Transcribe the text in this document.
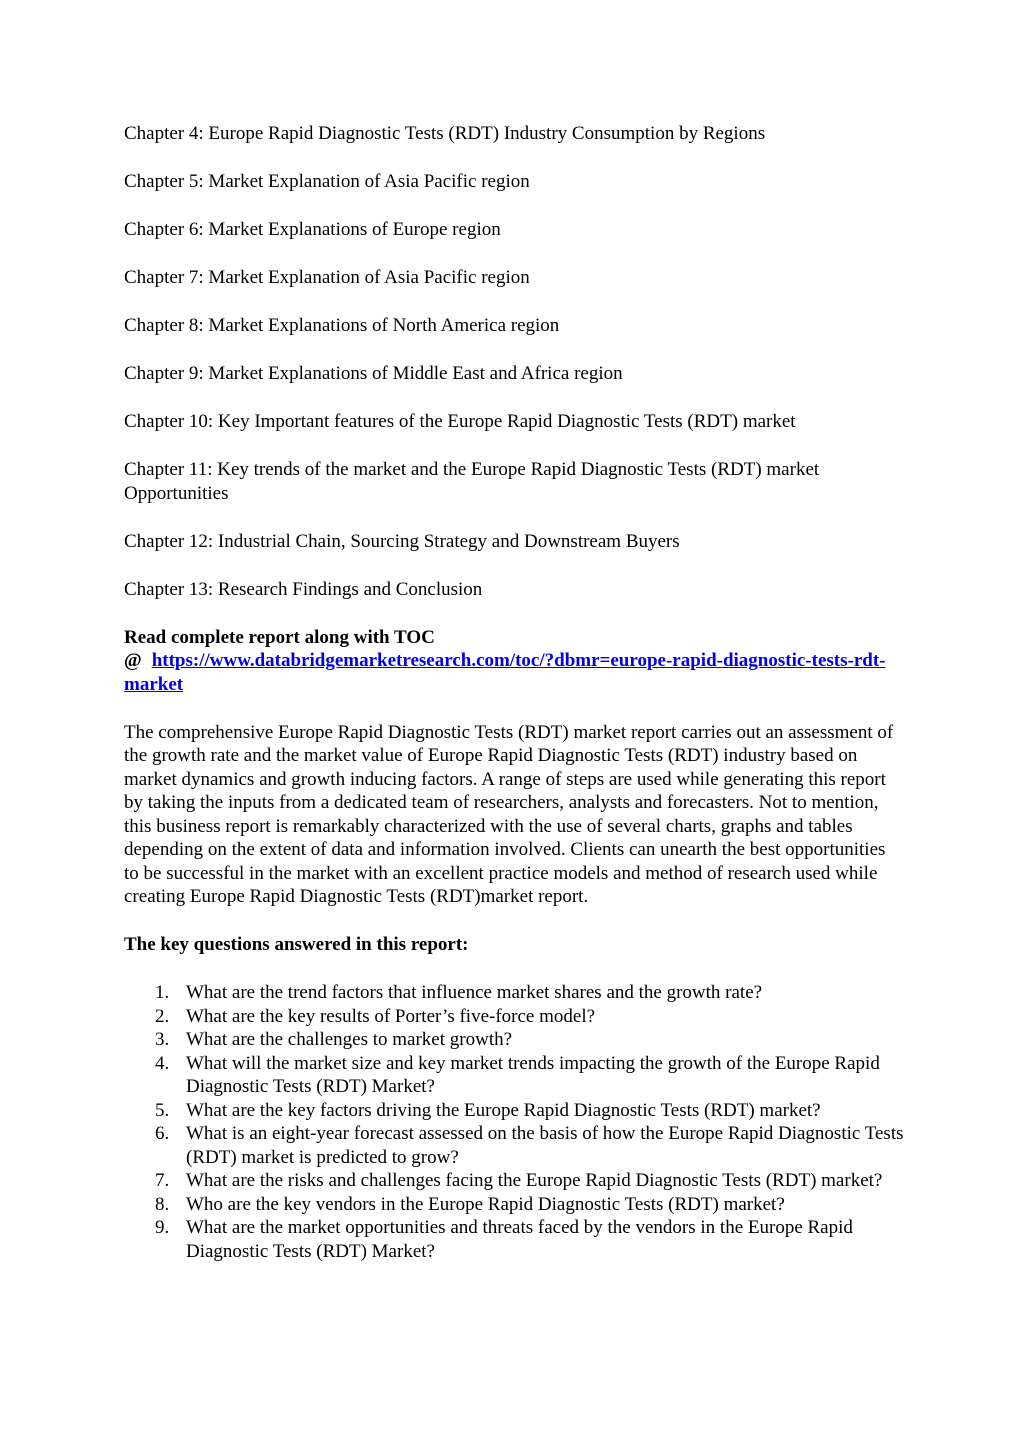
Chapter 4: Europe Rapid Diagnostic Tests (RDT) Industry Consumption by Regions

Chapter 5: Market Explanation of Asia Pacific region

Chapter 6: Market Explanations of Europe region

Chapter 7: Market Explanation of Asia Pacific region

Chapter 8: Market Explanations of North America region

Chapter 9: Market Explanations of Middle East and Africa region

Chapter 10: Key Important features of the Europe Rapid Diagnostic Tests (RDT) market

Chapter 11: Key trends of the market and the Europe Rapid Diagnostic Tests (RDT) market Opportunities

Chapter 12: Industrial Chain, Sourcing Strategy and Downstream Buyers

Chapter 13: Research Findings and Conclusion

Read complete report along with TOC

@ https://www.databridgemarketresearch.com/toc/?dbmr=europe-rapid-diagnostic-tests-rdt-market

The comprehensive Europe Rapid Diagnostic Tests (RDT) market report carries out an assessment of the growth rate and the market value of Europe Rapid Diagnostic Tests (RDT) industry based on market dynamics and growth inducing factors. A range of steps are used while generating this report by taking the inputs from a dedicated team of researchers, analysts and forecasters. Not to mention, this business report is remarkably characterized with the use of several charts, graphs and tables depending on the extent of data and information involved. Clients can unearth the best opportunities to be successful in the market with an excellent practice models and method of research used while creating Europe Rapid Diagnostic Tests (RDT)market report.

The key questions answered in this report:

1. What are the trend factors that influence market shares and the growth rate?
2. What are the key results of Porter’s five-force model?
3. What are the challenges to market growth?
4. What will the market size and key market trends impacting the growth of the Europe Rapid Diagnostic Tests (RDT) Market?
5. What are the key factors driving the Europe Rapid Diagnostic Tests (RDT) market?
6. What is an eight-year forecast assessed on the basis of how the Europe Rapid Diagnostic Tests (RDT) market is predicted to grow?
7. What are the risks and challenges facing the Europe Rapid Diagnostic Tests (RDT) market?
8. Who are the key vendors in the Europe Rapid Diagnostic Tests (RDT) market?
9. What are the market opportunities and threats faced by the vendors in the Europe Rapid Diagnostic Tests (RDT) Market?
